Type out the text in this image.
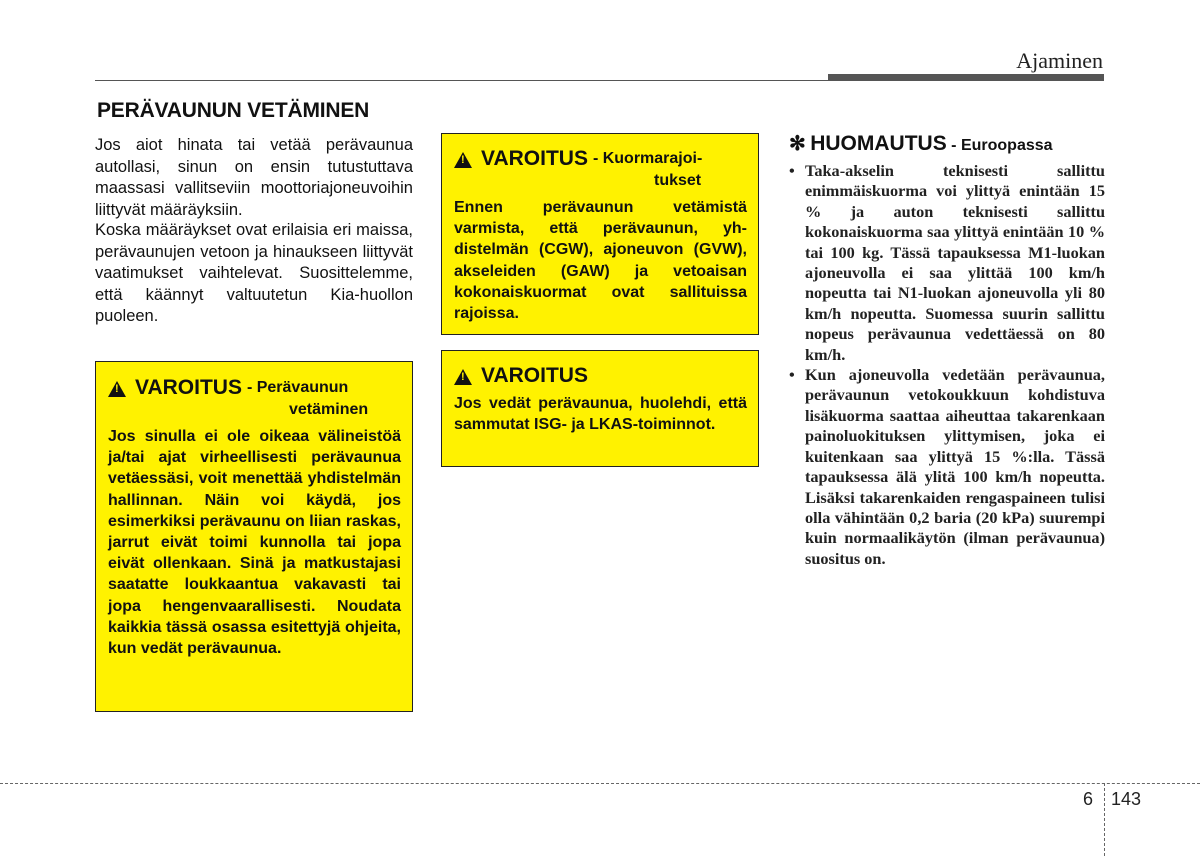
Ajaminen
PERÄVAUNUN VETÄMINEN
Jos aiot hinata tai vetää perävaunua autollasi, sinun on ensin tutustuttava maassasi vallitseviin moottoriajoneuvoihin liittyvät määräyksiin.
Koska määräykset ovat erilaisia eri maissa, perävaunujen vetoon ja hinaukseen liittyvät vaatimukset vaihtelevat. Suosittelemme, että käännyt valtuutetun Kia-huollon puoleen.
!
VAROITUS - Perävaunun
vetäminen
Jos sinulla ei ole oikeaa välineistöä ja/tai ajat virheellisesti perävaunua vetäessäsi, voit menettää yhdistelmän hallinnan. Näin voi käydä, jos esimerkiksi perävaunu on liian raskas, jarrut eivät toimi kunnolla tai jopa eivät ollenkaan. Sinä ja matkustajasi saatatte loukkaantua vakavasti tai jopa hengenvaarallisesti. Noudata kaikkia tässä osassa esitettyjä ohjeita, kun vedät perävaunua.
!
VAROITUS - Kuormarajoi-
tukset
Ennen perävaunun vetämistä varmista, että perävaunun, yhdistelmän (CGW), ajoneuvon (GVW), akseleiden (GAW) ja vetoaisan kokonaiskuormat ovat sallituissa rajoissa.
!
VAROITUS
Jos vedät perävaunua, huolehdi, että sammutat ISG- ja LKAS-toiminnot.
✻ HUOMAUTUS - Euroopassa
• Taka-akselin teknisesti sallittu enimmäiskuorma voi ylittyä enintään 15 % ja auton teknisesti sallittu kokonaiskuorma saa ylittyä enintään 10 % tai 100 kg. Tässä tapauksessa M1-luokan ajoneuvolla ei saa ylittää 100 km/h nopeutta tai N1-luokan ajoneuvolla yli 80 km/h nopeutta. Suomessa suurin sallittu nopeus perävaunua vedettäessä on 80 km/h.
• Kun ajoneuvolla vedetään perävaunua, perävaunun vetokoukkuun kohdistuva lisäkuorma saattaa aiheuttaa takarenkaan painoluokituksen ylittymisen, joka ei kuitenkaan saa ylittyä 15 %:lla. Tässä tapauksessa älä ylitä 100 km/h nopeutta. Lisäksi takarenkaiden rengaspaineen tulisi olla vähintään 0,2 baria (20 kPa) suurempi kuin normaalikäytön (ilman perävaunua) suositus on.
6 143
